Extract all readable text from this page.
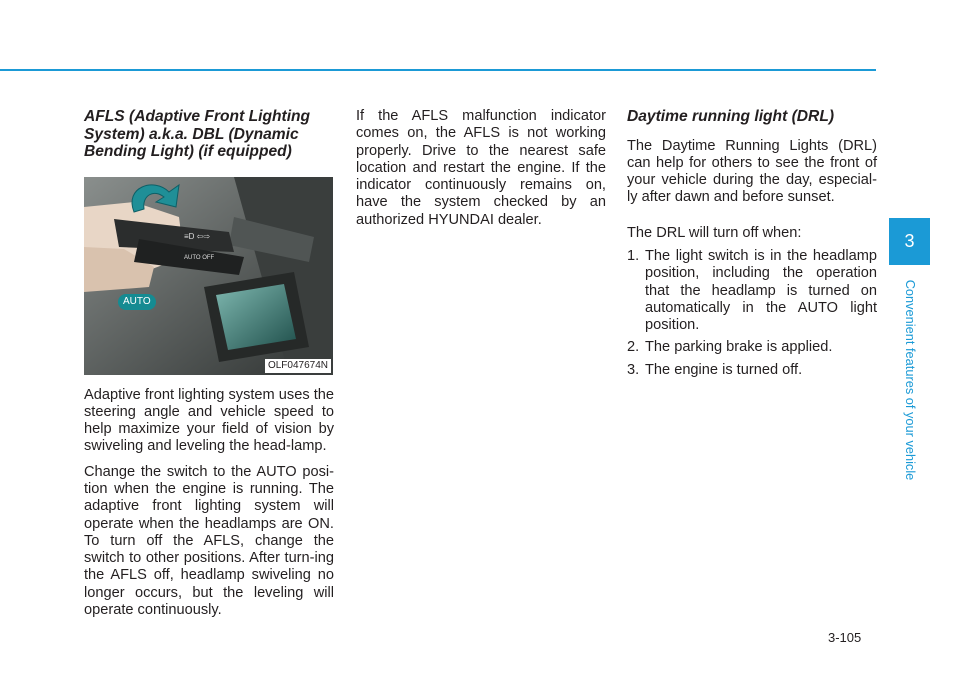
AFLS (Adaptive Front Lighting System) a.k.a. DBL (Dynamic Bending Light) (if equipped)
≡D ⇦⇨
AUTO OFF
AUTO
OLF047674N

Adaptive front lighting system uses the steering angle and vehicle speed to help maximize your field of vision by swiveling and leveling the head-lamp.

Change the switch to the AUTO posi-tion when the engine is running. The adaptive front lighting system will operate when the headlamps are ON. To turn off the AFLS, change the switch to other positions. After turn-ing the AFLS off, headlamp swiveling no longer occurs, but the leveling will operate continuously.

If the AFLS malfunction indicator comes on, the AFLS is not working properly. Drive to the nearest safe location and restart the engine. If the indicator continuously remains on, have the system checked by an authorized HYUNDAI dealer.

Daytime running light (DRL)

The Daytime Running Lights (DRL) can help for others to see the front of your vehicle during the day, especial-ly after dawn and before sunset.

The DRL will turn off when:

1. The light switch is in the headlamp position, including the operation that the headlamp is turned on automatically in the AUTO light position.
2. The parking brake is applied.
3. The engine is turned off.
3
Convenient features of your vehicle
3-105
